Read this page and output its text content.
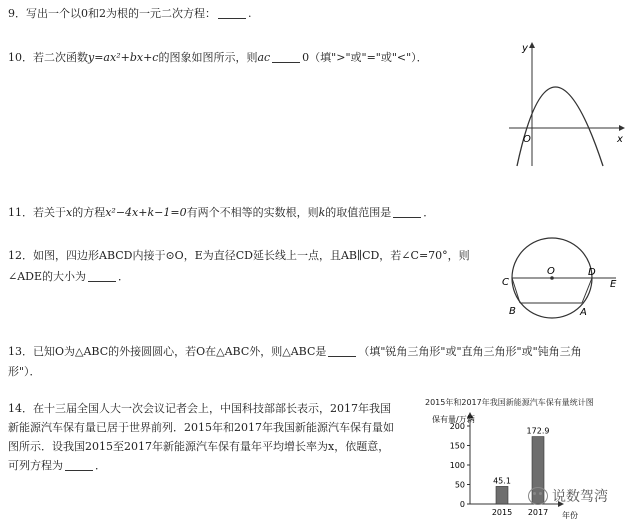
9．写出一个以0和2为根的一元二次方程：	.
10．若二次函数y=ax²+bx+c的图象如图所示，则ac	0（填">"或"="或"<"）．
y
x
O
11．若关于x的方程x²−4x+k−1=0有两个不相等的实数根，则k的取值范围是	．
12．如图，四边形ABCD内接于⊙O，E为直径CD延长线上一点，且AB∥CD，若∠C=70°，则
∠ADE的大小为	．	C
O	D
E
B	A
13．已知O为△ABC的外接圆圆心，若O在△ABC外，则△ABC是	（填"锐角三角形"或"直角三角形"或"钝角三角
形"）．
14．在十三届全国人大一次会议记者会上，中国科技部部长表示，2017年我国
新能源汽车保有量已居于世界前列．2015年和2017年我国新能源汽车保有量如
图所示．设我国2015至2017年新能源汽车保有量年平均增长率为x，依题意，
可列方程为	．
2015年和2017年我国新能源汽车保有量统计图
保有量/万辆
年份
0
50
100
150
200
45.1
2015
172.9
2017
说数驾湾
